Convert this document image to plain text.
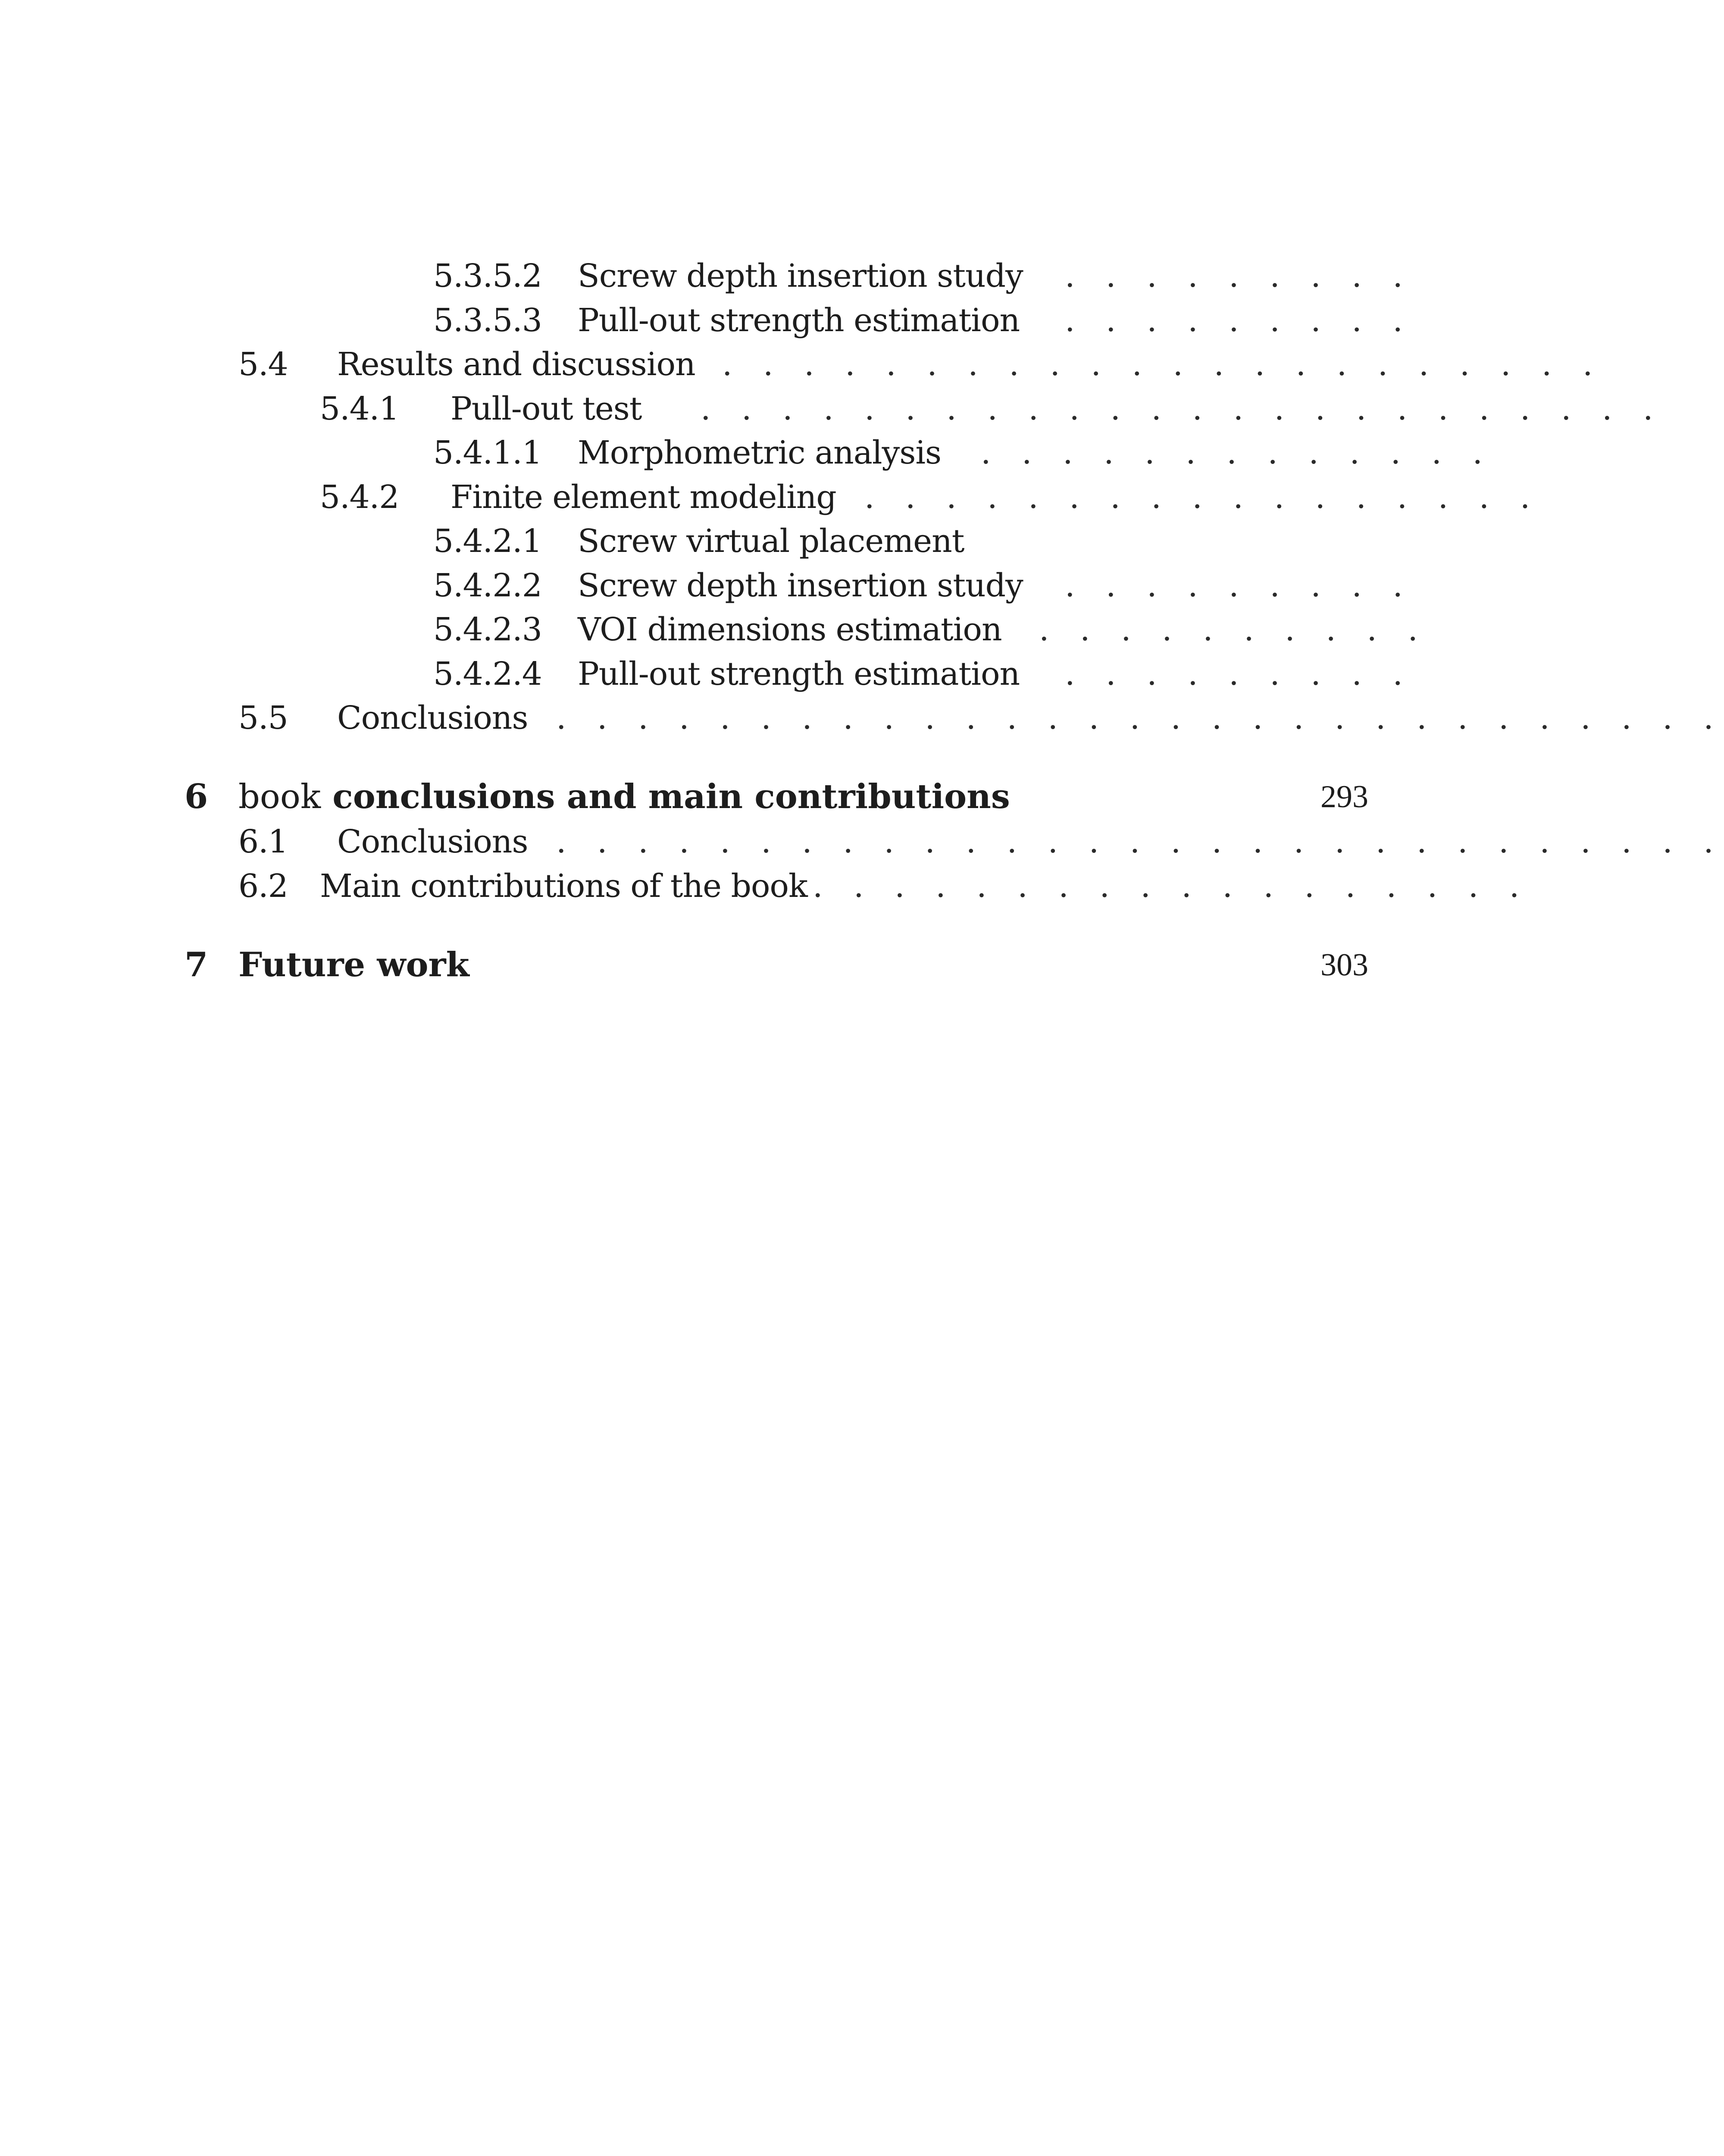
5.3.5.2 Screw depth insertion study . . . . . . . . .
5.3.5.3 Pull-out strength estimation . . . . . . . . .
5.4 Results and discussion . . . . . . . . . . . . . . . . . . . . . .
5.4.1 Pull-out test . . . . . . . . . . . . . . . . . . . . . . . .
5.4.1.1 Morphometric analysis . . . . . . . . . . . . .
5.4.2 Finite element modeling . . . . . . . . . . . . . . . . .
5.4.2.1 Screw virtual placement
5.4.2.2 Screw depth insertion study . . . . . . . . .
5.4.2.3 VOI dimensions estimation . . . . . . . . . .
5.4.2.4 Pull-out strength estimation . . . . . . . . .
5.5 Conclusions . . . . . . . . . . . . . . . . . . . . . . . . . . . . .
6 book conclusions and main contributions	293
6.1 Conclusions . . . . . . . . . . . . . . . . . . . . . . . . . . . . .
6.2 Main contributions of the book . . . . . . . . . . . . . . . . . .
7 Future work	303
